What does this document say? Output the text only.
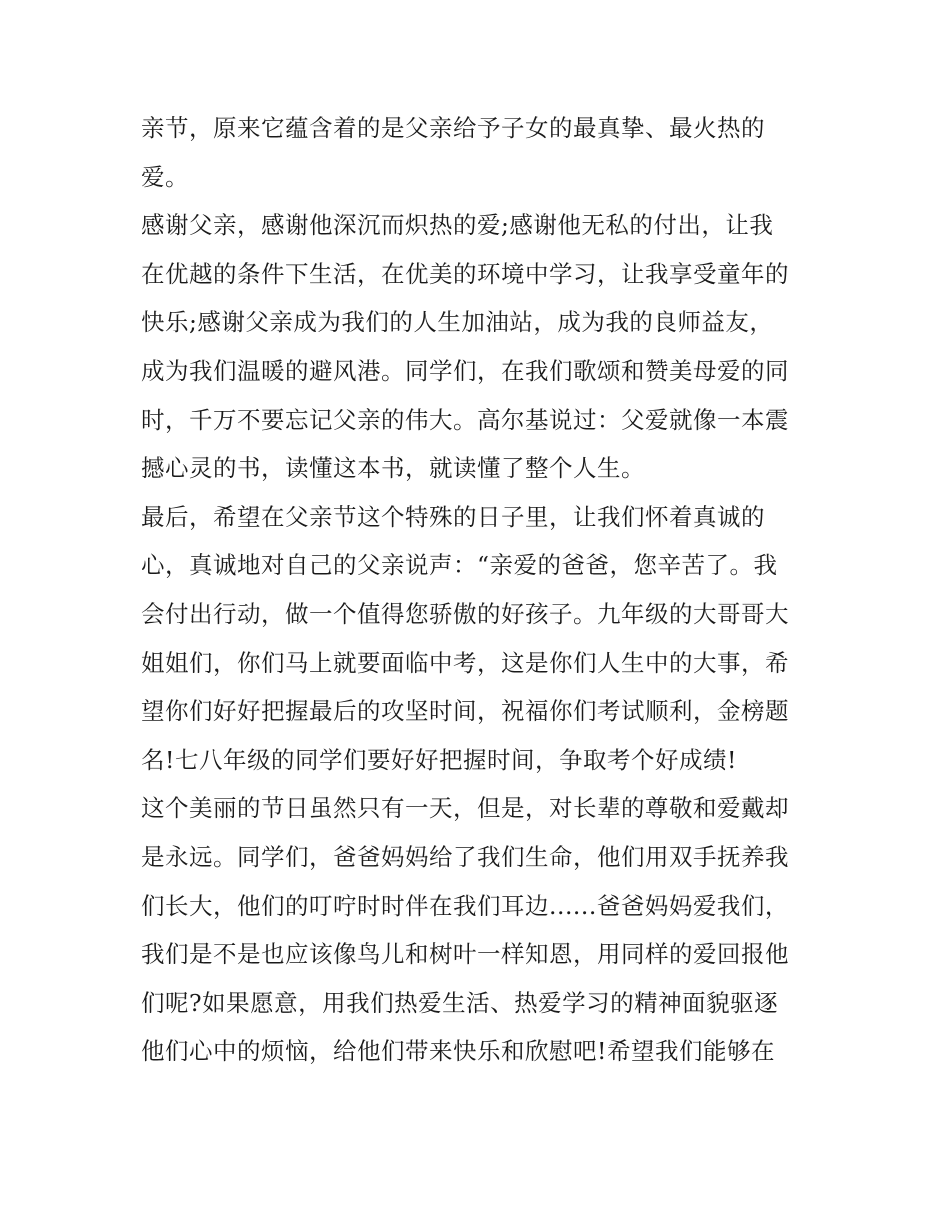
亲节，原来它蕴含着的是父亲给予子女的最真挚、最火热的
爱。
感谢父亲，感谢他深沉而炽热的爱;感谢他无私的付出，让我
在优越的条件下生活，在优美的环境中学习，让我享受童年的
快乐;感谢父亲成为我们的人生加油站，成为我的良师益友，
成为我们温暖的避风港。同学们，在我们歌颂和赞美母爱的同
时，千万不要忘记父亲的伟大。高尔基说过：父爱就像一本震
撼心灵的书，读懂这本书，就读懂了整个人生。
最后，希望在父亲节这个特殊的日子里，让我们怀着真诚的
心，真诚地对自己的父亲说声：“亲爱的爸爸，您辛苦了。我
会付出行动，做一个值得您骄傲的好孩子。九年级的大哥哥大
姐姐们，你们马上就要面临中考，这是你们人生中的大事，希
望你们好好把握最后的攻坚时间，祝福你们考试顺利，金榜题
名!七八年级的同学们要好好把握时间，争取考个好成绩!
这个美丽的节日虽然只有一天，但是，对长辈的尊敬和爱戴却
是永远。同学们，爸爸妈妈给了我们生命，他们用双手抚养我
们长大，他们的叮咛时时伴在我们耳边......爸爸妈妈爱我们，
我们是不是也应该像鸟儿和树叶一样知恩，用同样的爱回报他
们呢?如果愿意，用我们热爱生活、热爱学习的精神面貌驱逐
他们心中的烦恼，给他们带来快乐和欣慰吧!希望我们能够在
